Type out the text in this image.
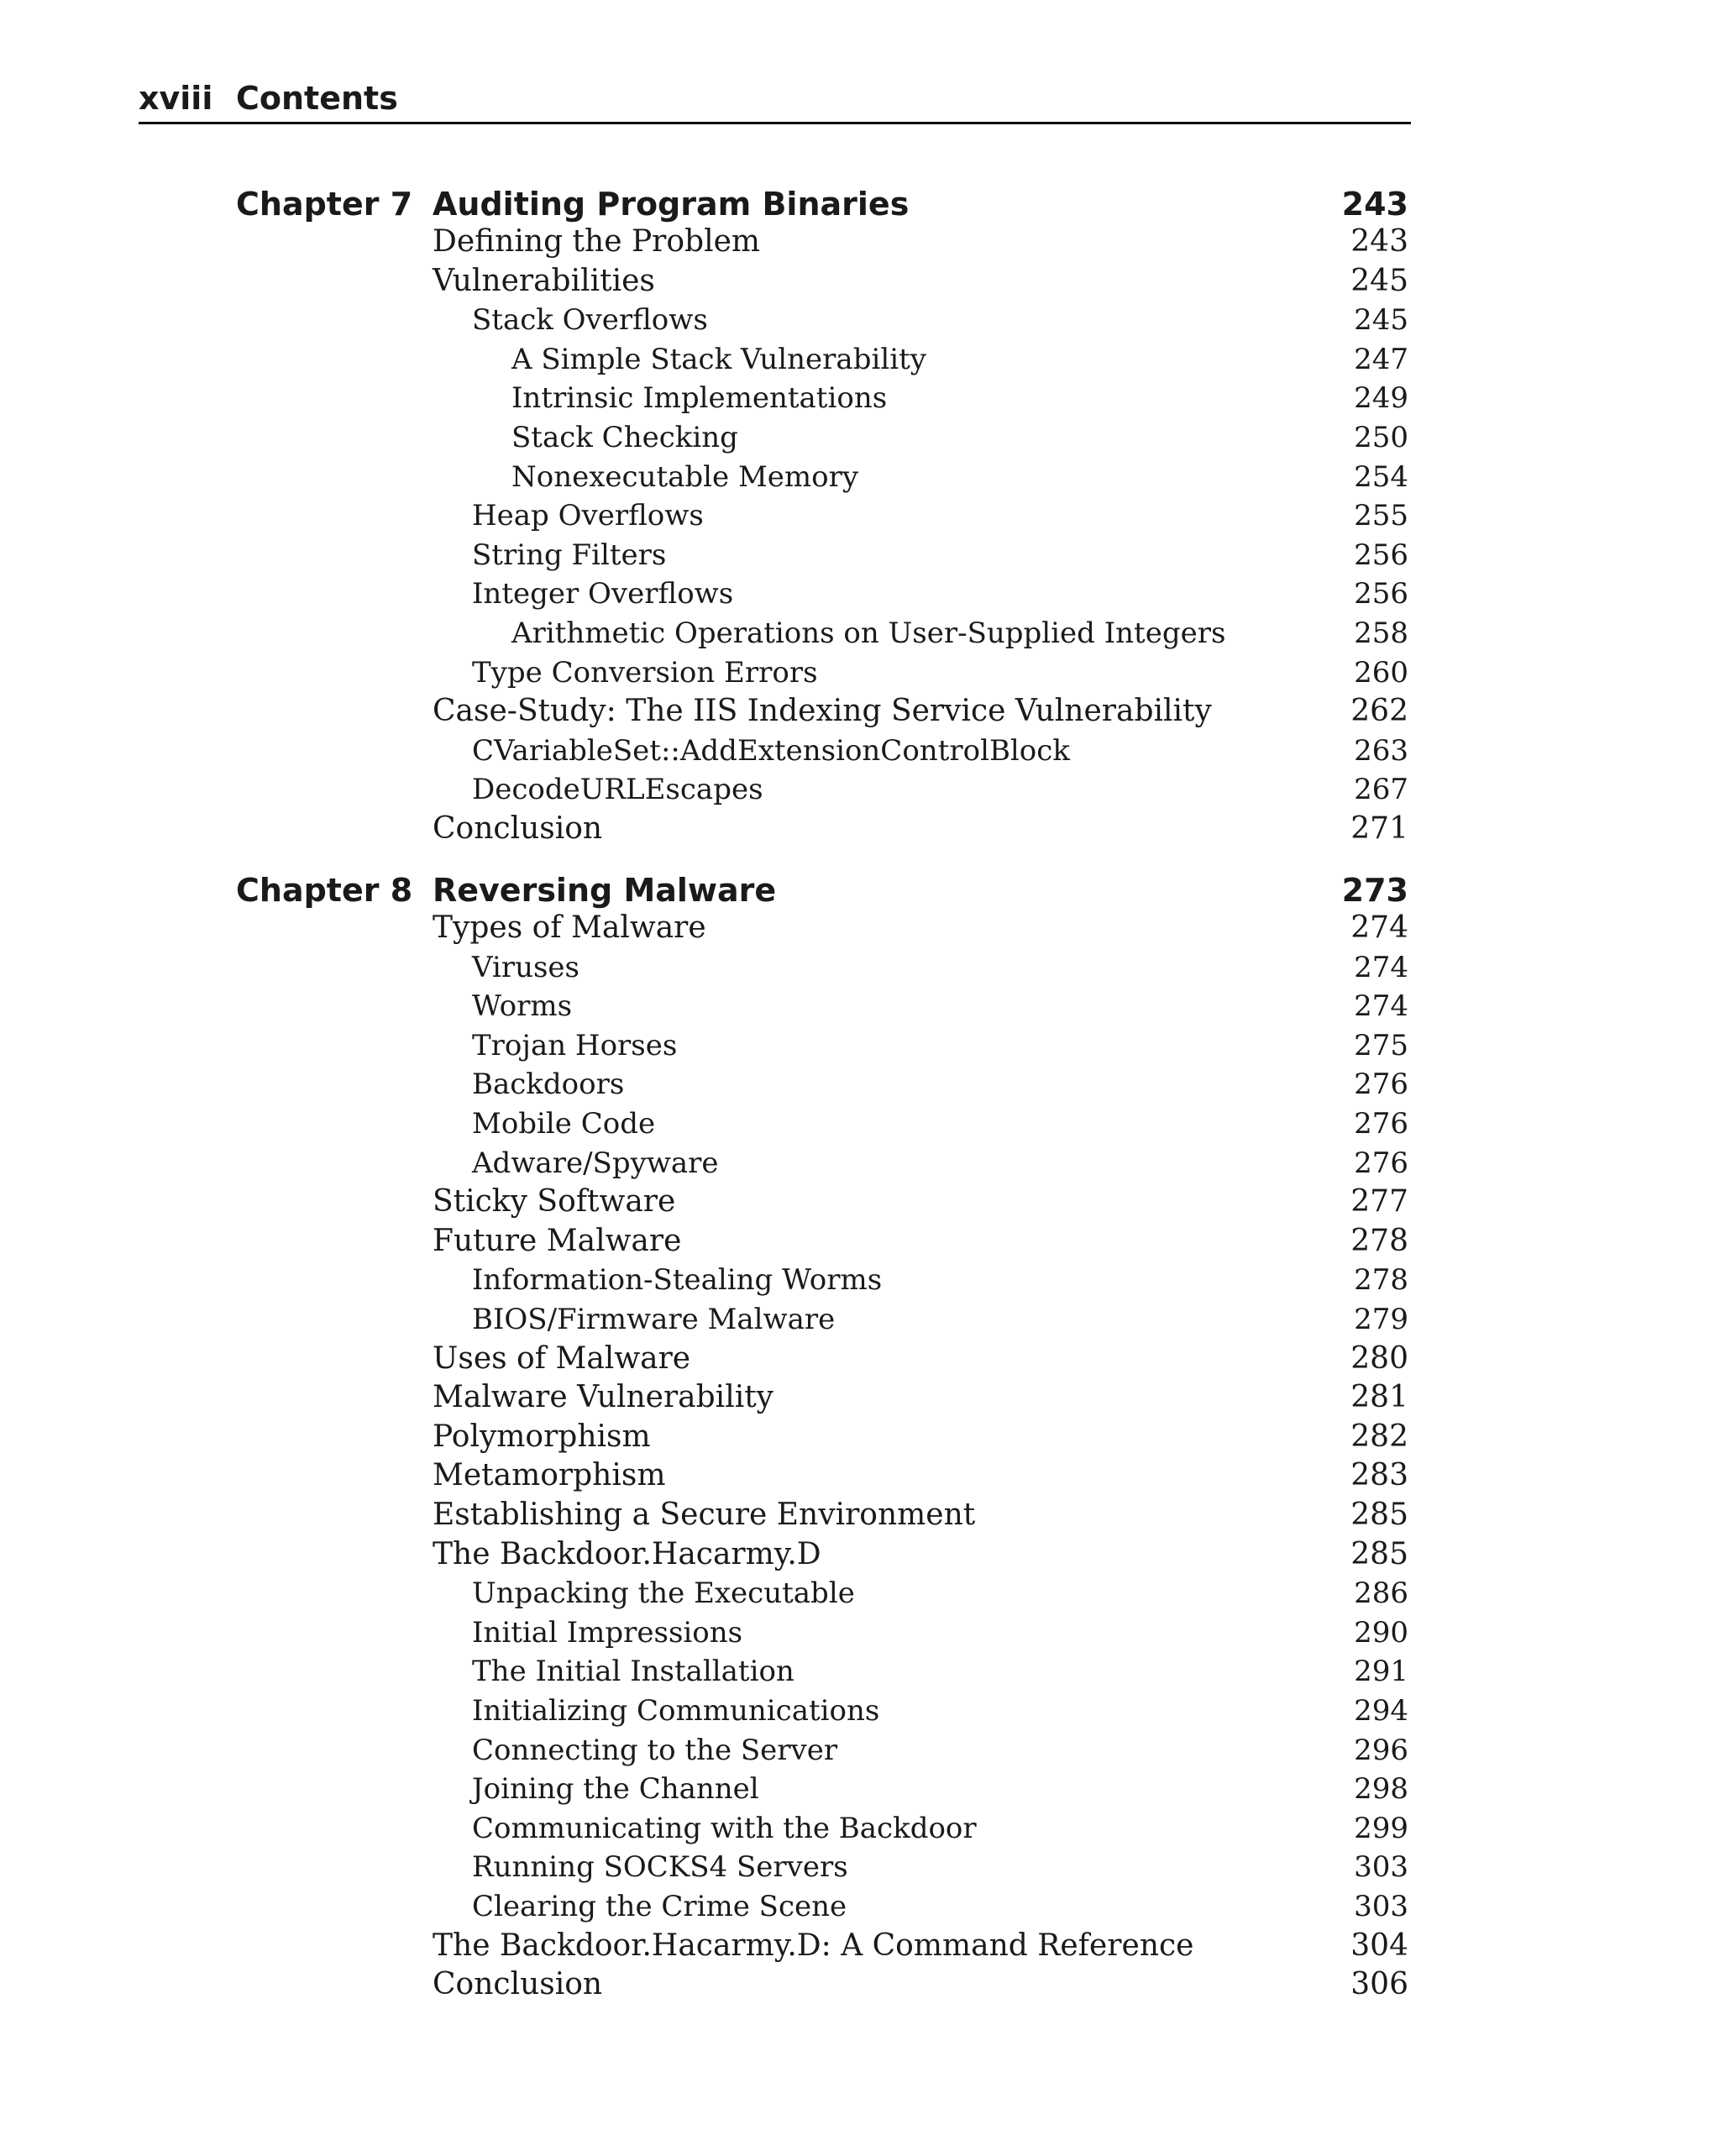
xviii Contents
Chapter 7 Auditing Program Binaries	243
Defining the Problem	243
Vulnerabilities	245
Stack Overflows	245
A Simple Stack Vulnerability	247
Intrinsic Implementations	249
Stack Checking	250
Nonexecutable Memory	254
Heap Overflows	255
String Filters	256
Integer Overflows	256
Arithmetic Operations on User-Supplied Integers	258
Type Conversion Errors	260
Case-Study: The IIS Indexing Service Vulnerability	262
CVariableSet::AddExtensionControlBlock	263
DecodeURLEscapes	267
Conclusion	271
Chapter 8 Reversing Malware	273
Types of Malware	274
Viruses	274
Worms	274
Trojan Horses	275
Backdoors	276
Mobile Code	276
Adware/Spyware	276
Sticky Software	277
Future Malware	278
Information-Stealing Worms	278
BIOS/Firmware Malware	279
Uses of Malware	280
Malware Vulnerability	281
Polymorphism	282
Metamorphism	283
Establishing a Secure Environment	285
The Backdoor.Hacarmy.D	285
Unpacking the Executable	286
Initial Impressions	290
The Initial Installation	291
Initializing Communications	294
Connecting to the Server	296
Joining the Channel	298
Communicating with the Backdoor	299
Running SOCKS4 Servers	303
Clearing the Crime Scene	303
The Backdoor.Hacarmy.D: A Command Reference	304
Conclusion	306
